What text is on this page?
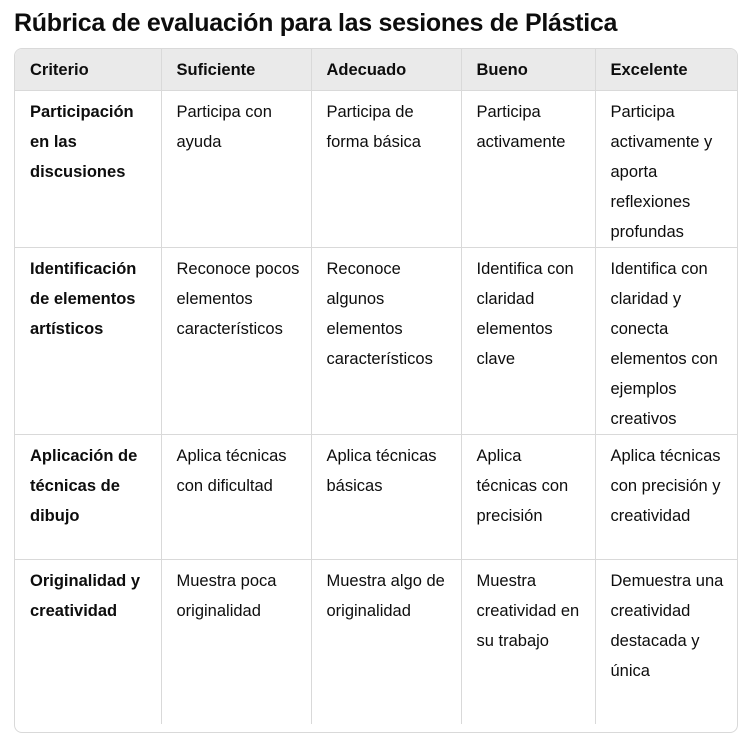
Rúbrica de evaluación para las sesiones de Plástica
Criterio	Suficiente	Adecuado	Bueno	Excelente
Participación en las discusiones	Participa con ayuda	Participa de forma básica	Participa activamente	Participa activamente y aporta reflexiones profundas
Identificación de elementos artísticos	Reconoce pocos elementos característicos	Reconoce algunos elementos característicos	Identifica con claridad elementos clave	Identifica con claridad y conecta elementos con ejemplos creativos
Aplicación de técnicas de dibujo	Aplica técnicas con dificultad	Aplica técnicas básicas	Aplica técnicas con precisión	Aplica técnicas con precisión y creatividad
Originalidad y creatividad	Muestra poca originalidad	Muestra algo de originalidad	Muestra creatividad en su trabajo	Demuestra una creatividad destacada y única
